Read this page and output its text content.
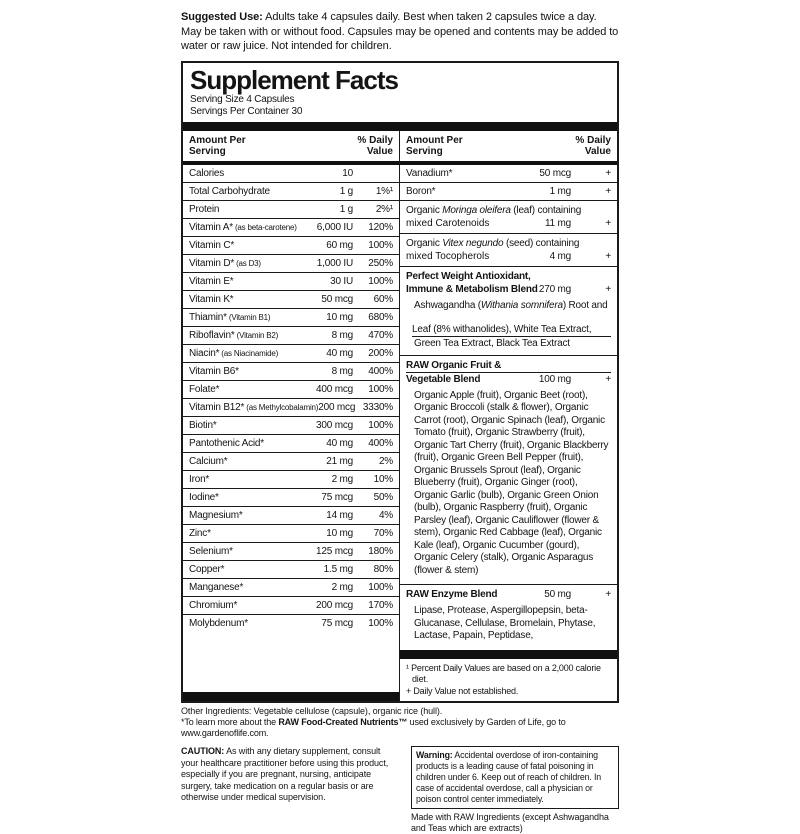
Suggested Use: Adults take 4 capsules daily. Best when taken 2 capsules twice a day. May be taken with or without food. Capsules may be opened and contents may be added to water or raw juice. Not intended for children.

Supplement Facts
Serving Size 4 Capsules
Servings Per Container 30
Amount Per
Serving
% Daily
Value
Calories	10
Total Carbohydrate	1 g	1%¹
Protein	1 g	2%¹
Vitamin A* (as beta-carotene) 6,000 IU	120%
Vitamin C*	60 mg	100%
Vitamin D* (as D3)	1,000 IU	250%
Vitamin E*	30 IU	100%
Vitamin K*	50 mcg	60%
Thiamin* (Vitamin B1)	10 mg	680%
Riboflavin* (Vitamin B2)	8 mg	470%
Niacin* (as Niacinamide)	40 mg	200%
Vitamin B6*	8 mg	400%
Folate*	400 mcg	100%
Vitamin B12* (as Methylcobalamin) 200 mcg 3330%
Biotin*	300 mcg	100%
Pantothenic Acid*	40 mg	400%
Calcium*	21 mg	2%
Iron*	2 mg	10%
Iodine*	75 mcg	50%
Magnesium*	14 mg	4%
Zinc*	10 mg	70%
Selenium*	125 mcg	180%
Copper*	1.5 mg	80%
Manganese*	2 mg	100%
Chromium*	200 mcg	170%
Molybdenum*	75 mcg	100%
Amount Per
Serving
% Daily
Value
Vanadium*	50 mcg	+
Boron*	1 mg	+
Organic Moringa oleifera (leaf) containing
mixed Carotenoids	11 mg	+
Organic Vitex negundo (seed) containing
mixed Tocopherols	4 mg	+
Perfect Weight Antioxidant,
Immune & Metabolism Blend 270 mg	+
Ashwagandha (Withania somnifera) Root and
Leaf (8% withanolides), White Tea Extract,
Green Tea Extract, Black Tea Extract
RAW Organic Fruit &
Vegetable Blend	100 mg	+
Organic Apple (fruit), Organic Beet (root), Organic Broccoli (stalk & flower), Organic Carrot (root), Organic Spinach (leaf), Organic Tomato (fruit), Organic Strawberry (fruit), Organic Tart Cherry (fruit), Organic Blackberry (fruit), Organic Green Bell Pepper (fruit), Organic Brussels Sprout (leaf), Organic Blueberry (fruit), Organic Ginger (root), Organic Garlic (bulb), Organic Green Onion (bulb), Organic Raspberry (fruit), Organic Parsley (leaf), Organic Cauliflower (flower & stem), Organic Red Cabbage (leaf), Organic Kale (leaf), Organic Cucumber (gourd), Organic Celery (stalk), Organic Asparagus (flower & stem)
RAW Enzyme Blend	50 mg	+
Lipase, Protease, Aspergillopepsin, beta-Glucanase, Cellulase, Bromelain, Phytase, Lactase, Papain, Peptidase,
¹ Percent Daily Values are based on a 2,000 calorie diet.
+ Daily Value not established.

Other Ingredients: Vegetable cellulose (capsule), organic rice (hull).

*To learn more about the RAW Food-Created Nutrients™ used exclusively by Garden of Life, go to www.gardenoflife.com.

CAUTION: As with any dietary supplement, consult your healthcare practitioner before using this product, especially if you are pregnant, nursing, anticipate surgery, take medication on a regular basis or are otherwise under medical supervision.

Warning: Accidental overdose of iron-containing products is a leading cause of fatal poisoning in children under 6. Keep out of reach of children. In case of accidental overdose, call a physician or poison control center immediately.

Made with RAW Ingredients (except Ashwagandha and Teas which are extracts)
